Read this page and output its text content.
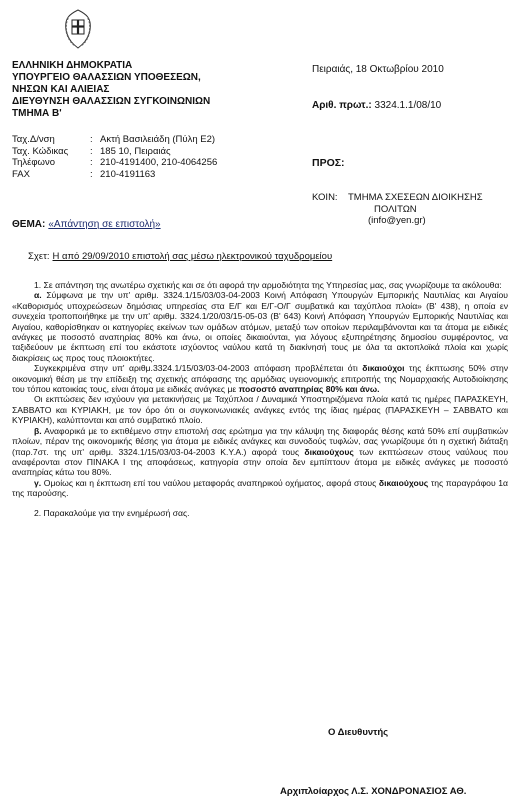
ΕΛΛΗΝΙΚΗ ΔΗΜΟΚΡΑΤΙΑ
ΥΠΟΥΡΓΕΙΟ ΘΑΛΑΣΣΙΩΝ ΥΠΟΘΕΣΕΩΝ,
ΝΗΣΩΝ ΚΑΙ ΑΛΙΕΙΑΣ
ΔΙΕΥΘΥΝΣΗ ΘΑΛΑΣΣΙΩΝ ΣΥΓΚΟΙΝΩΝΙΩΝ
ΤΜΗΜΑ Β'
Ταχ.Δ/νση	: Ακτή Βασιλειάδη (Πύλη Ε2)
Ταχ. Κώδικας	: 185 10, Πειραιάς
Τηλέφωνο	: 210-4191400, 210-4064256
FAX	: 210-4191163
Πειραιάς, 18 Οκτωβρίου 2010
Αριθ. πρωτ.: 3324.1.1/08/10
ΠΡΟΣ:
ΚΟΙΝ:	ΤΜΗΜΑ ΣΧΕΣΕΩΝ ΔΙΟΙΚΗΣΗΣ
ΠΟΛΙΤΩΝ
(info@yen.gr)
ΘΕΜΑ: «Απάντηση σε επιστολή»
Σχετ: Η από 29/09/2010 επιστολή σας μέσω ηλεκτρονικού ταχυδρομείου

1. Σε απάντηση της ανωτέρω σχετικής και σε ότι αφορά την αρμοδιότητα της Υπηρεσίας μας, σας γνωρίζουμε τα ακόλουθα:

α. Σύμφωνα με την υπ' αριθμ. 3324.1/15/03/03-04-2003 Κοινή Απόφαση Υπουργών Εμπορικής Ναυτιλίας και Αιγαίου «Καθορισμός υποχρεώσεων δημόσιας υπηρεσίας στα Ε/Γ και Ε/Γ-Ο/Γ συμβατικά και ταχύπλοα πλοία» (Β' 438), η οποία εν συνεχεία τροποποιήθηκε με την υπ' αριθμ. 3324.1/20/03/15-05-03 (Β' 643) Κοινή Απόφαση Υπουργών Εμπορικής Ναυτιλίας και Αιγαίου, καθορίσθηκαν οι κατηγορίες εκείνων των ομάδων ατόμων, μεταξύ των οποίων περιλαμβάνονται και τα άτομα με ειδικές ανάγκες με ποσοστό αναπηρίας 80% και άνω, οι οποίες δικαιούνται, για λόγους εξυπηρέτησης δημοσίου συμφέροντος, να ταξιδεύουν με έκπτωση επί του εκάστοτε ισχύοντος ναύλου κατά τη διακίνησή τους με όλα τα ακτοπλοϊκά πλοία και χωρίς διακρίσεις ως προς τους πλοιοκτήτες.

Συγκεκριμένα στην υπ' αριθμ.3324.1/15/03/03-04-2003 απόφαση προβλέπεται ότι δικαιούχοι της έκπτωσης 50% στην οικονομική θέση με την επίδειξη της σχετικής απόφασης της αρμόδιας υγειονομικής επιτροπής της Νομαρχιακής Αυτοδιοίκησης του τόπου κατοικίας τους, είναι άτομα με ειδικές ανάγκες με ποσοστό αναπηρίας 80% και άνω.

Οι εκπτώσεις δεν ισχύουν για μετακινήσεις με Ταχύπλοα / Δυναμικά Υποστηριζόμενα πλοία κατά τις ημέρες ΠΑΡΑΣΚΕΥΗ, ΣΑΒΒΑΤΟ και ΚΥΡΙΑΚΗ, με τον όρο ότι οι συγκοινωνιακές ανάγκες εντός της ίδιας ημέρας (ΠΑΡΑΣΚΕΥΗ – ΣΑΒΒΑΤΟ και ΚΥΡΙΑΚΗ), καλύπτονται και από συμβατικό πλοίο.

β. Αναφορικά με το εκτιθέμενο στην επιστολή σας ερώτημα για την κάλυψη της διαφοράς θέσης κατά 50% επί συμβατικών πλοίων, πέραν της οικονομικής θέσης για άτομα με ειδικές ανάγκες και συνοδούς τυφλών, σας γνωρίζουμε ότι η σχετική διάταξη (παρ.7στ. της υπ' αριθμ. 3324.1/15/03/03-04-2003 Κ.Υ.Α.) αφορά τους δικαιούχους των εκπτώσεων στους ναύλους που αναφέρονται στον ΠΙΝΑΚΑ Ι της αποφάσεως, κατηγορία στην οποία δεν εμπίπτουν άτομα με ειδικές ανάγκες με ποσοστό αναπηρίας κάτω του 80%.

γ. Ομοίως και η έκπτωση επί του ναύλου μεταφοράς αναπηρικού οχήματος, αφορά στους δικαιούχους της παραγράφου 1α της παρούσης.

2. Παρακαλούμε για την ενημέρωσή σας.

Ο Διευθυντής
Αρχιπλοίαρχος Λ.Σ. ΧΟΝΔΡΟΝΑΣΙΟΣ ΑΘ.
